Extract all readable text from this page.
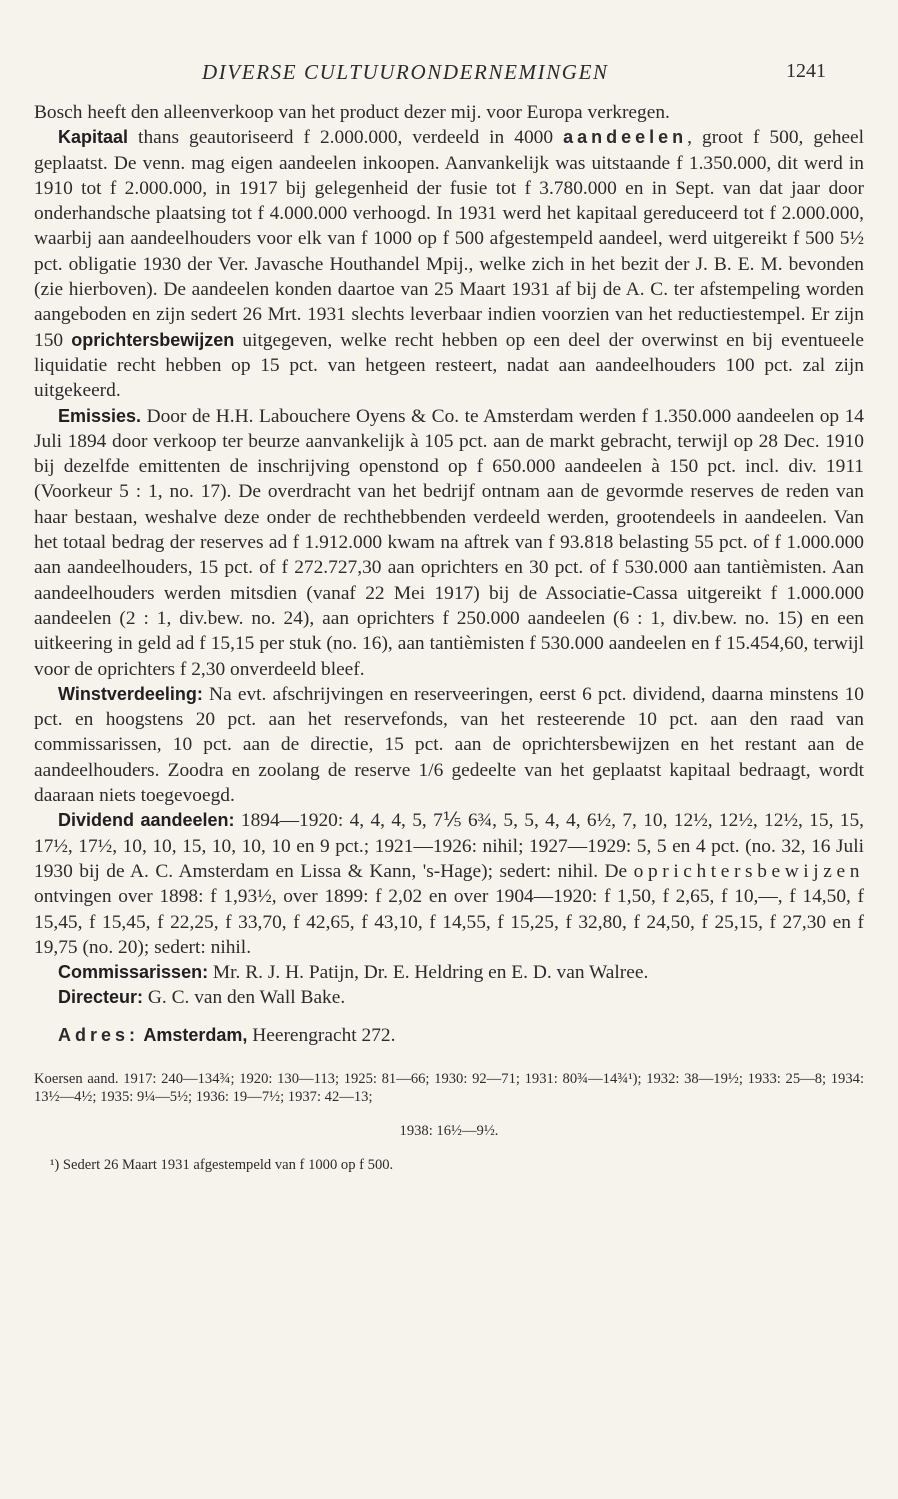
DIVERSE CULTUURONDERNEMINGEN	1241

Bosch heeft den alleenverkoop van het product dezer mij. voor Europa verkregen.

Kapitaal thans geautoriseerd f 2.000.000, verdeeld in 4000 aandeelen, groot f 500, geheel geplaatst. De venn. mag eigen aandeelen inkoopen. Aanvankelijk was uitstaande f 1.350.000, dit werd in 1910 tot f 2.000.000, in 1917 bij gelegenheid der fusie tot f 3.780.000 en in Sept. van dat jaar door onderhandsche plaatsing tot f 4.000.000 verhoogd. In 1931 werd het kapitaal gereduceerd tot f 2.000.000, waarbij aan aandeelhouders voor elk van f 1000 op f 500 afgestempeld aandeel, werd uitgereikt f 500 5½ pct. obligatie 1930 der Ver. Javasche Houthandel Mpij., welke zich in het bezit der J. B. E. M. bevonden (zie hierboven). De aandeelen konden daartoe van 25 Maart 1931 af bij de A. C. ter afstempeling worden aangeboden en zijn sedert 26 Mrt. 1931 slechts leverbaar indien voorzien van het reductiestempel. Er zijn 150 oprichtersbewijzen uitgegeven, welke recht hebben op een deel der overwinst en bij eventueele liquidatie recht hebben op 15 pct. van hetgeen resteert, nadat aan aandeelhouders 100 pct. zal zijn uitgekeerd.

Emissies. Door de H.H. Labouchere Oyens & Co. te Amsterdam werden f 1.350.000 aandeelen op 14 Juli 1894 door verkoop ter beurze aanvankelijk à 105 pct. aan de markt gebracht, terwijl op 28 Dec. 1910 bij dezelfde emittenten de inschrijving openstond op f 650.000 aandeelen à 150 pct. incl. div. 1911 (Voorkeur 5 : 1, no. 17). De overdracht van het bedrijf ontnam aan de gevormde reserves de reden van haar bestaan, weshalve deze onder de rechthebbenden verdeeld werden, grootendeels in aandeelen. Van het totaal bedrag der reserves ad f 1.912.000 kwam na aftrek van f 93.818 belasting 55 pct. of f 1.000.000 aan aandeelhouders, 15 pct. of f 272.727,30 aan oprichters en 30 pct. of f 530.000 aan tantièmisten. Aan aandeelhouders werden mitsdien (vanaf 22 Mei 1917) bij de Associatie-Cassa uitgereikt f 1.000.000 aandeelen (2 : 1, div.bew. no. 24), aan oprichters f 250.000 aandeelen (6 : 1, div.bew. no. 15) en een uitkeering in geld ad f 15,15 per stuk (no. 16), aan tantièmisten f 530.000 aandeelen en f 15.454,60, terwijl voor de oprichters f 2,30 onverdeeld bleef.

Winstverdeeling: Na evt. afschrijvingen en reserveeringen, eerst 6 pct. dividend, daarna minstens 10 pct. en hoogstens 20 pct. aan het reservefonds, van het resteerende 10 pct. aan den raad van commissarissen, 10 pct. aan de directie, 15 pct. aan de oprichtersbewijzen en het restant aan de aandeelhouders. Zoodra en zoolang de reserve 1/6 gedeelte van het geplaatst kapitaal bedraagt, wordt daaraan niets toegevoegd.

Dividend aandeelen: 1894—1920: 4, 4, 4, 5, 7⅕ 6¾, 5, 5, 4, 4, 6½, 7, 10, 12½, 12½, 12½, 15, 15, 17½, 17½, 10, 10, 15, 10, 10, 10 en 9 pct.; 1921—1926: nihil; 1927—1929: 5, 5 en 4 pct. (no. 32, 16 Juli 1930 bij de A. C. Amsterdam en Lissa & Kann, 's-Hage); sedert: nihil. De oprichtersbewijzen ontvingen over 1898: f 1,93½, over 1899: f 2,02 en over 1904—1920: f 1,50, f 2,65, f 10,—, f 14,50, f 15,45, f 15,45, f 22,25, f 33,70, f 42,65, f 43,10, f 14,55, f 15,25, f 32,80, f 24,50, f 25,15, f 27,30 en f 19,75 (no. 20); sedert: nihil.

Commissarissen: Mr. R. J. H. Patijn, Dr. E. Heldring en E. D. van Walree.

Directeur: G. C. van den Wall Bake.

Adres: Amsterdam, Heerengracht 272.

Koersen aand. 1917: 240—134¾; 1920: 130—113; 1925: 81—66; 1930: 92—71; 1931: 80¾—14¾¹); 1932: 38—19½; 1933: 25—8; 1934: 13½—4½; 1935: 9¼—5½; 1936: 19—7½; 1937: 42—13;

1938: 16½—9½.

¹) Sedert 26 Maart 1931 afgestempeld van f 1000 op f 500.
